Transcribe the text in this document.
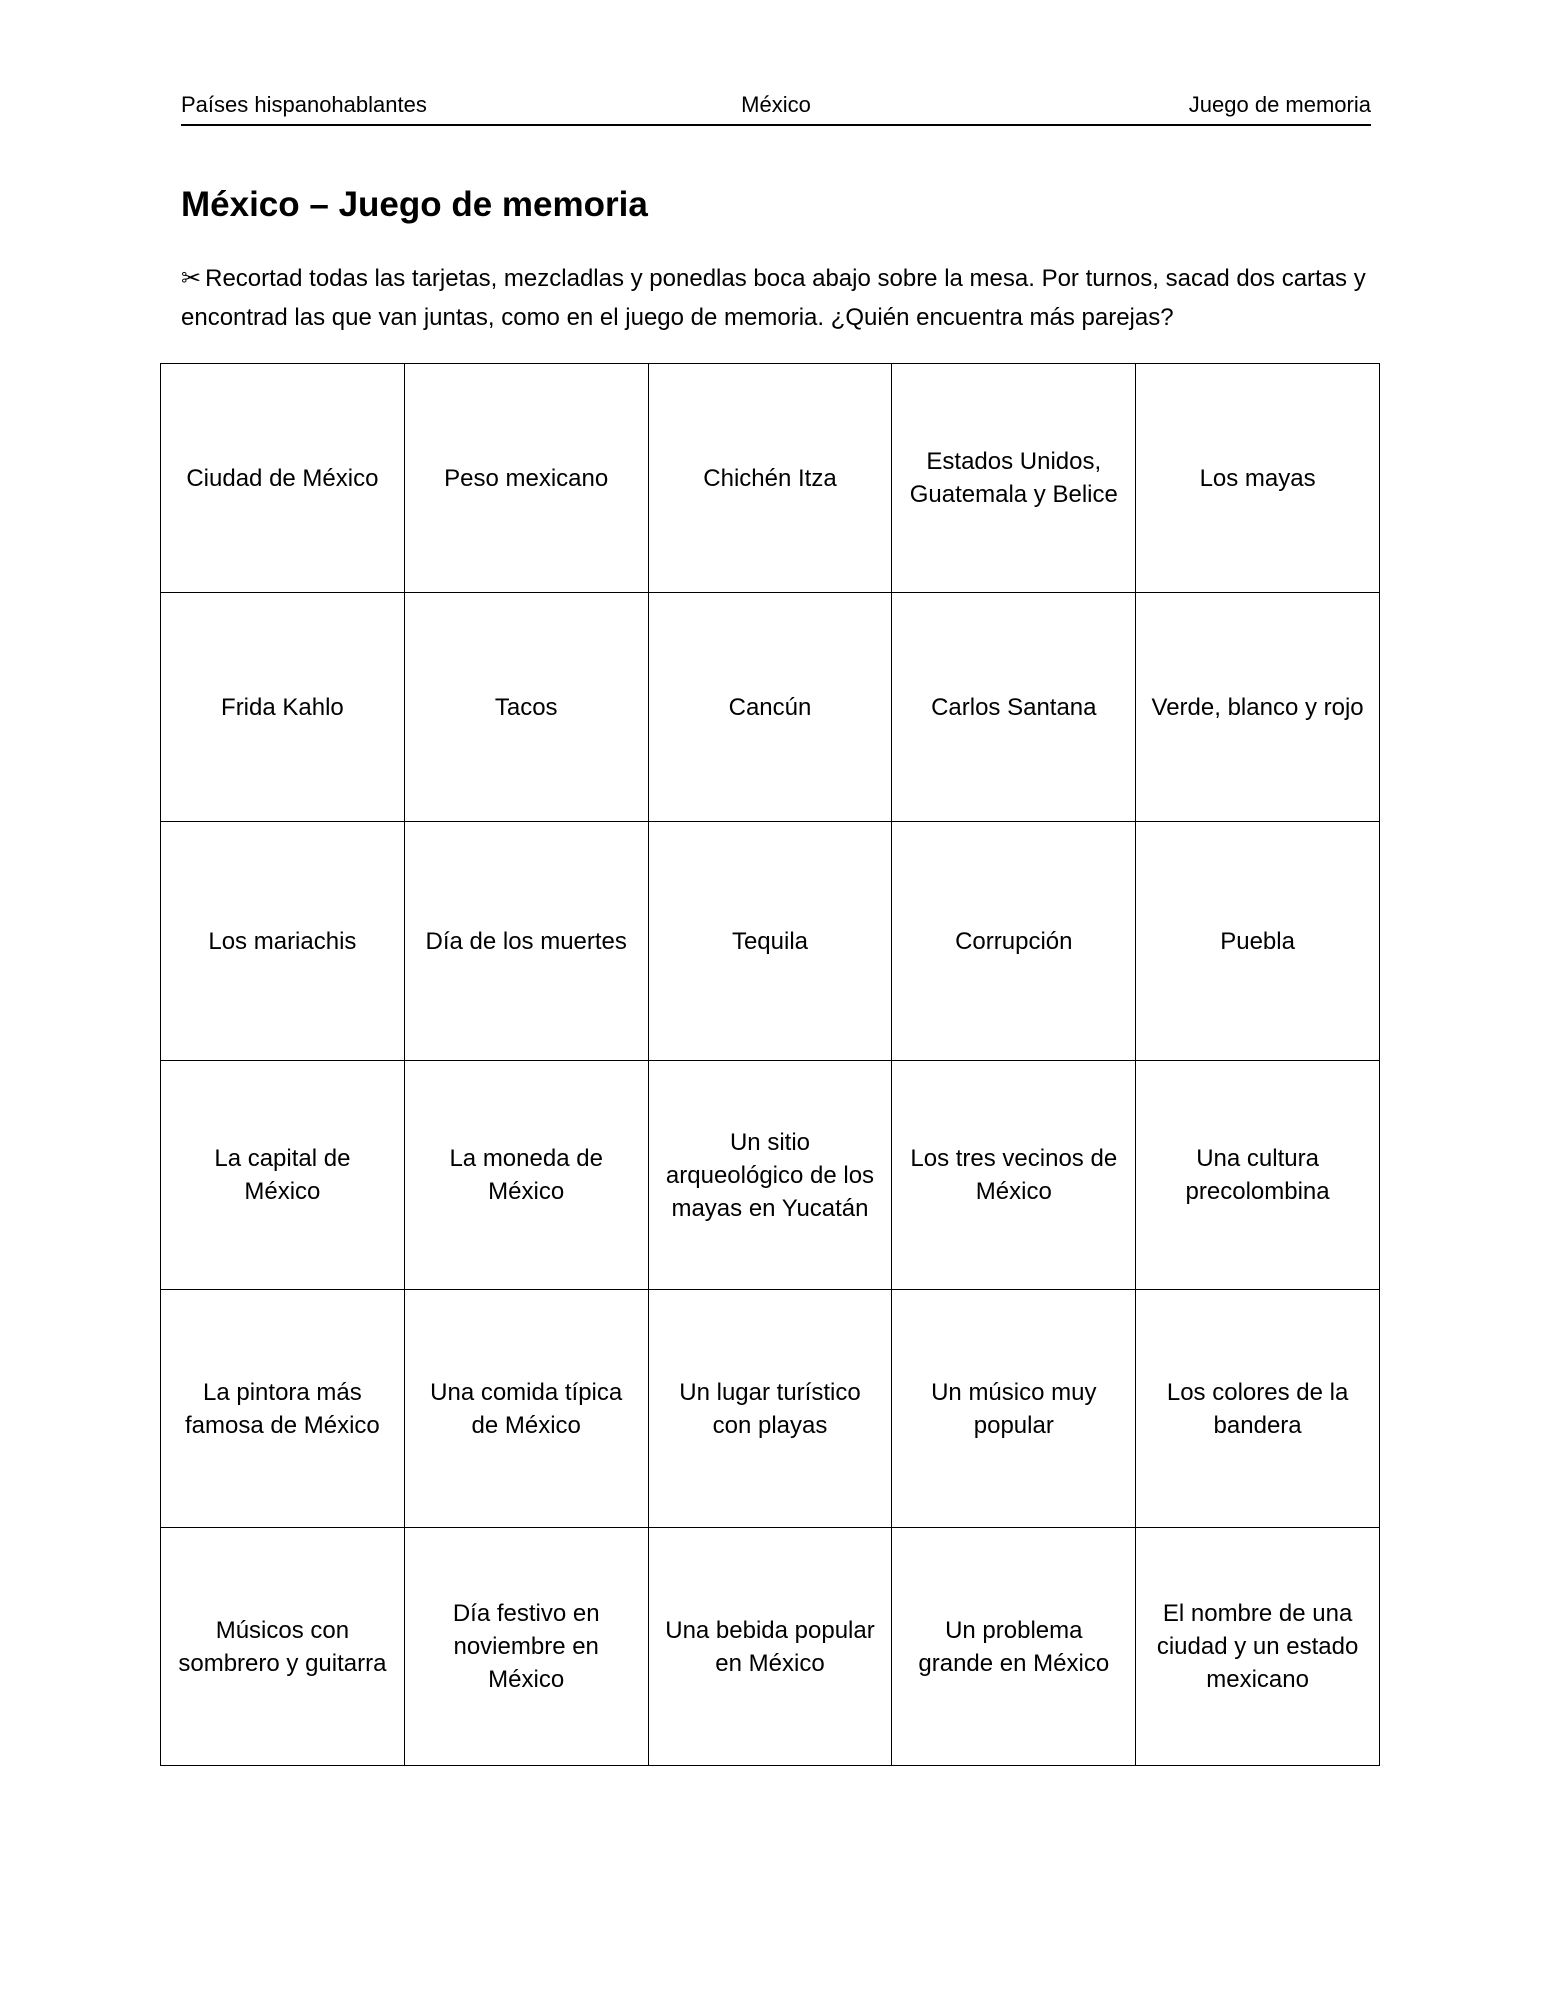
Países hispanohablantes	México	Juego de memoria
México – Juego de memoria

✂ Recortad todas las tarjetas, mezcladlas y ponedlas boca abajo sobre la mesa. Por turnos, sacad dos cartas y encontrad las que van juntas, como en el juego de memoria. ¿Quién encuentra más parejas?

Ciudad de México	Peso mexicano	Chichén Itza	Estados Unidos, Guatemala y Belice	Los mayas
Frida Kahlo	Tacos	Cancún	Carlos Santana	Verde, blanco y rojo
Los mariachis	Día de los muertes	Tequila	Corrupción	Puebla
La capital de México	La moneda de México	Un sitio arqueológico de los mayas en Yucatán	Los tres vecinos de México	Una cultura precolombina
La pintora más famosa de México	Una comida típica de México	Un lugar turístico con playas	Un músico muy popular	Los colores de la bandera
Músicos con sombrero y guitarra	Día festivo en noviembre en México	Una bebida popular en México	Un problema grande en México	El nombre de una ciudad y un estado mexicano
